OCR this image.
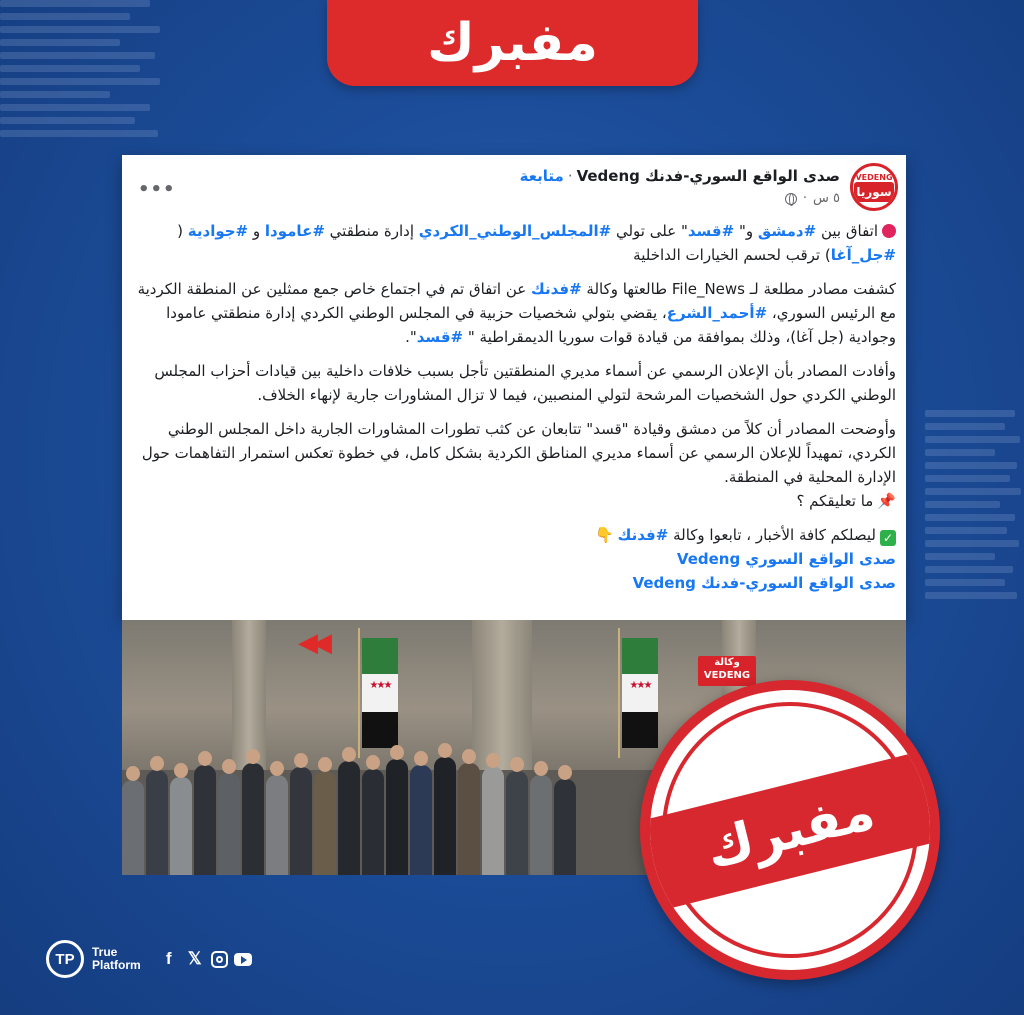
مفبرك
VEDENG
سوريا
صدى الواقع السوري-فدنك Vedeng·متابعة
٥ س
·
•••

اتفاق بين #دمشق و" #قسد" على تولي #المجلس_الوطني_الكردي إدارة منطقتي #عامودا و #جوادية ( #جل_آغا) ترقب لحسم الخيارات الداخلية

كشفت مصادر مطلعة لـ File_News طالعتها وكالة #فدنك عن اتفاق تم في اجتماع خاص جمع ممثلين عن المنطقة الكردية مع الرئيس السوري، #أحمد_الشرع، يقضي بتولي شخصيات حزبية في المجلس الوطني الكردي إدارة منطقتي عامودا وجوادية (جل آغا)، وذلك بموافقة من قيادة قوات سوريا الديمقراطية " #قسد".

وأفادت المصادر بأن الإعلان الرسمي عن أسماء مديري المنطقتين تأجل بسبب خلافات داخلية بين قيادات أحزاب المجلس الوطني الكردي حول الشخصيات المرشحة لتولي المنصبين، فيما لا تزال المشاورات جارية لإنهاء الخلاف.

وأوضحت المصادر أن كلاً من دمشق وقيادة "قسد" تتابعان عن كثب تطورات المشاورات الجارية داخل المجلس الوطني الكردي، تمهيداً للإعلان الرسمي عن أسماء مديري المناطق الكردية بشكل كامل، في خطوة تعكس استمرار التفاهمات حول الإدارة المحلية في المنطقة.

📌ما تعليقكم ؟

✓ليصلكم كافة الأخبار ، تابعوا وكالة #فدنك👇

صدى الواقع السوري Vedeng

صدى الواقع السوري-فدنك Vedeng

★★★	★★★
◀◀
وكالة
VEDENG
مفبرك
TP	True
Platform	f 𝕏
